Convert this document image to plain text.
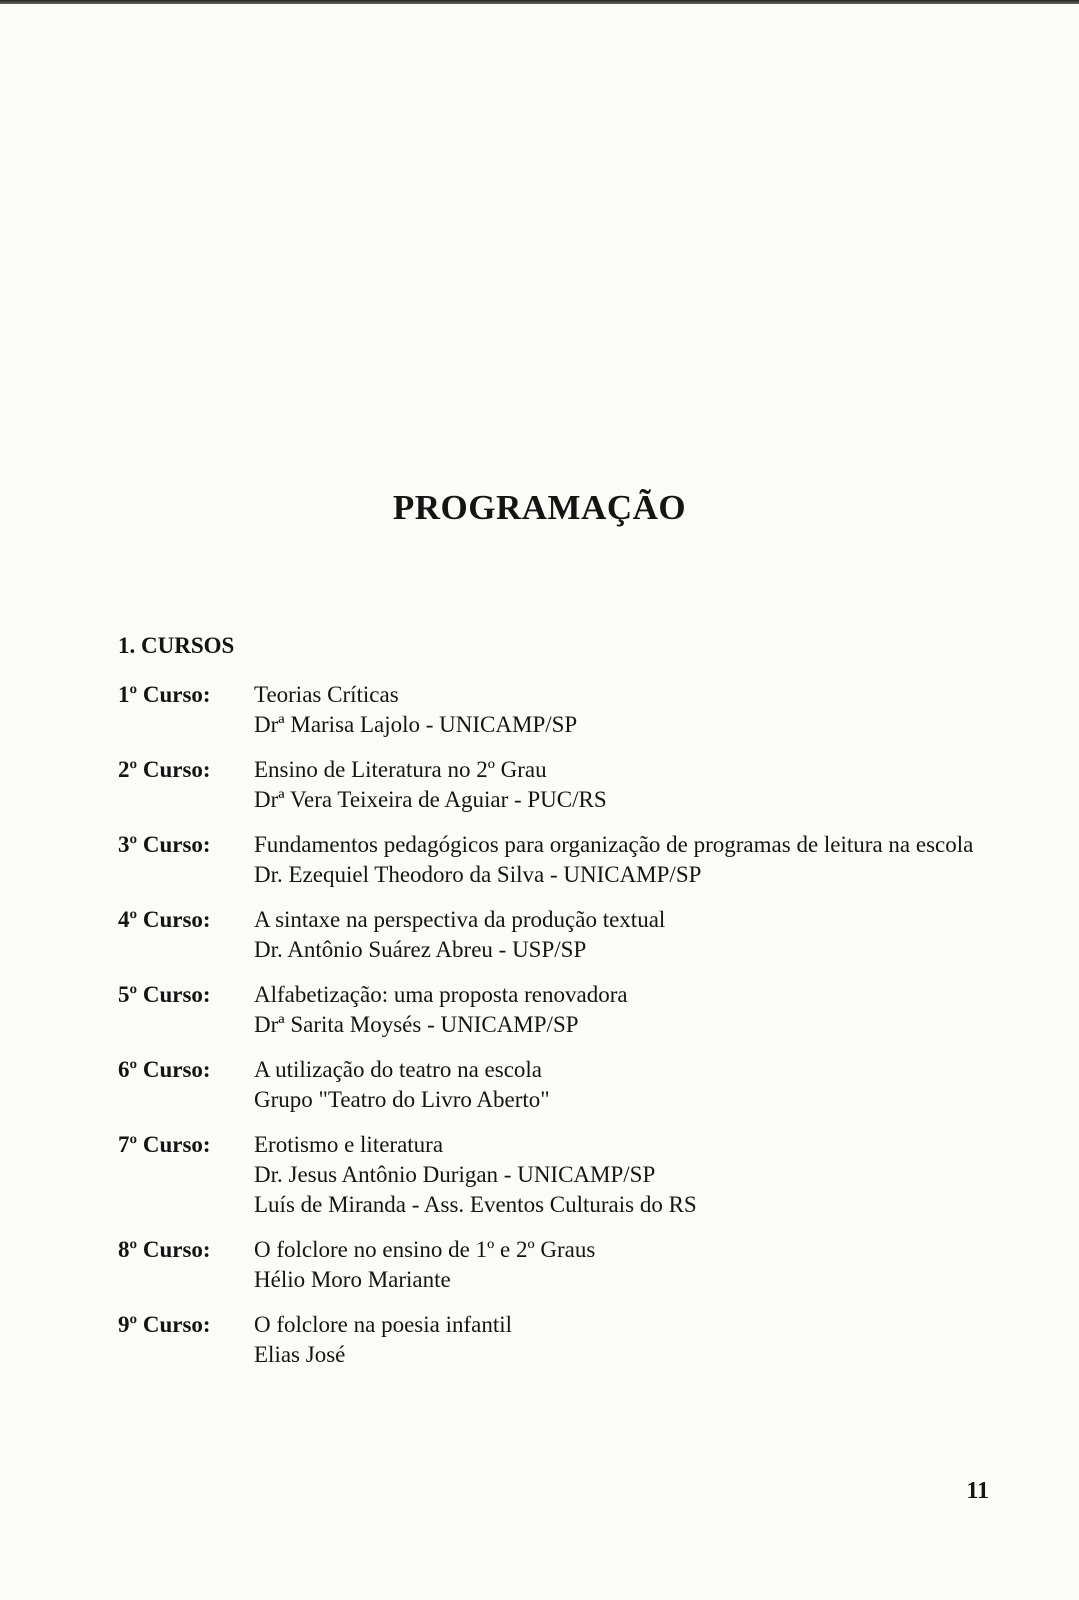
PROGRAMAÇÃO
1. CURSOS
1º Curso:	Teorias Críticas
Drª Marisa Lajolo - UNICAMP/SP
2º Curso:	Ensino de Literatura no 2º Grau
Drª Vera Teixeira de Aguiar - PUC/RS
3º Curso:	Fundamentos pedagógicos para organização de programas de leitura na escola
Dr. Ezequiel Theodoro da Silva - UNICAMP/SP
4º Curso:	A sintaxe na perspectiva da produção textual
Dr. Antônio Suárez Abreu - USP/SP
5º Curso:	Alfabetização: uma proposta renovadora
Drª Sarita Moysés - UNICAMP/SP
6º Curso:	A utilização do teatro na escola
Grupo "Teatro do Livro Aberto"
7º Curso:	Erotismo e literatura
Dr. Jesus Antônio Durigan - UNICAMP/SP
Luís de Miranda - Ass. Eventos Culturais do RS
8º Curso:	O folclore no ensino de 1º e 2º Graus
Hélio Moro Mariante
9º Curso:	O folclore na poesia infantil
Elias José
11
